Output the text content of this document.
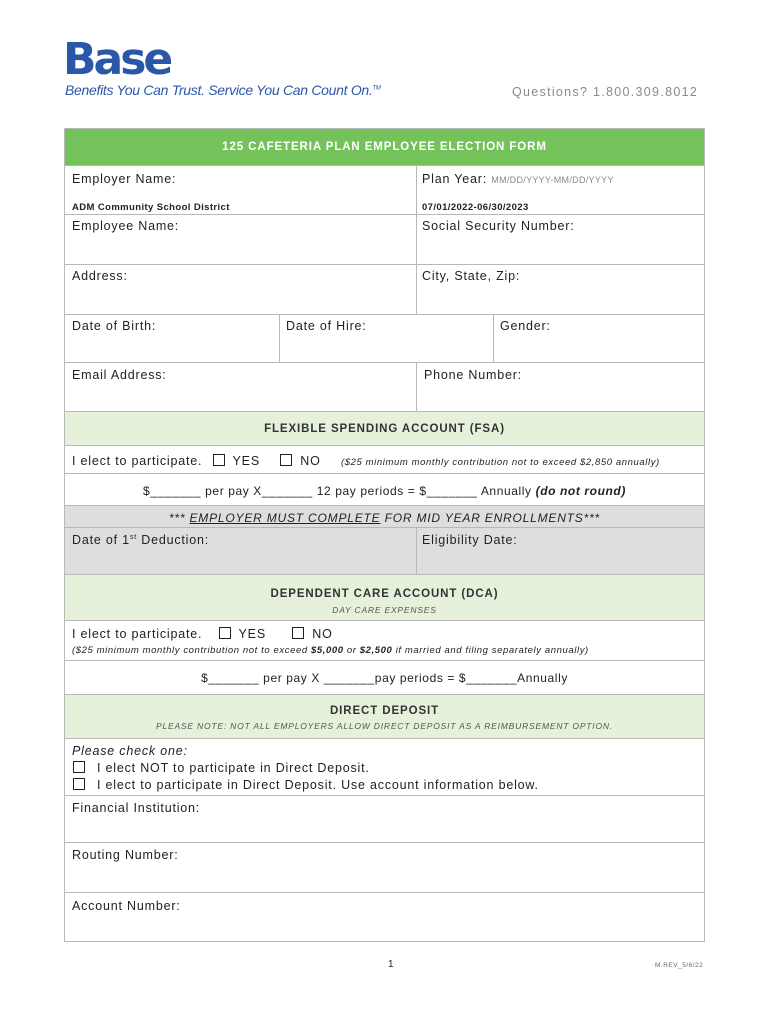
Base
Benefits You Can Trust. Service You Can Count On.™	Questions? 1.800.309.8012
125 CAFETERIA PLAN EMPLOYEE ELECTION FORM
Employer Name:
ADM Community School District
Plan Year: MM/DD/YYYY-MM/DD/YYYY
07/01/2022-06/30/2023
Employee Name:	Social Security Number:
Address:	City, State, Zip:
Date of Birth:	Date of Hire:	Gender:
Email Address:	Phone Number:
FLEXIBLE SPENDING ACCOUNT (FSA)
I elect to participate. YES	NO ($25 minimum monthly contribution not to exceed $2,850 annually)
$_______ per pay X_______ 12 pay periods = $_______ Annually (do not round)
*** EMPLOYER MUST COMPLETE FOR MID YEAR ENROLLMENTS***
Date of 1st Deduction:	Eligibility Date:
DEPENDENT CARE ACCOUNT (DCA)
DAY CARE EXPENSES
I elect to participate.	YES	NO
($25 minimum monthly contribution not to exceed $5,000 or $2,500 if married and filing separately annually)
$_______ per pay X _______pay periods = $_______Annually
DIRECT DEPOSIT
PLEASE NOTE: NOT ALL EMPLOYERS ALLOW DIRECT DEPOSIT AS A REIMBURSEMENT OPTION.
Please check one:
I elect NOT to participate in Direct Deposit.
I elect to participate in Direct Deposit. Use account information below.
Financial Institution:
Routing Number:
Account Number:
1	M.REV_5/6/22
